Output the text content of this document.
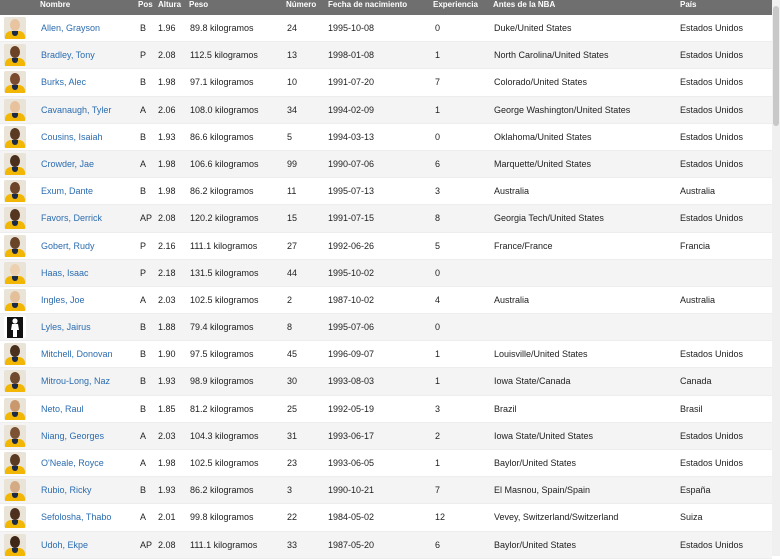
Nombre	Pos Altura Peso	Número Fecha de nacimiento	Experiencia Antes de la NBA	País
Allen, Grayson	B 1.96 89.8 kilogramos	24	1995-10-08	0	Duke/United States	Estados Unidos
Bradley, Tony	P 2.08 112.5 kilogramos	13	1998-01-08	1	North Carolina/United States	Estados Unidos
Burks, Alec	B 1.98 97.1 kilogramos	10	1991-07-20	7	Colorado/United States	Estados Unidos
Cavanaugh, Tyler	A 2.06 108.0 kilogramos	34	1994-02-09	1	George Washington/United States	Estados Unidos
Cousins, Isaiah	B 1.93 86.6 kilogramos	5	1994-03-13	0	Oklahoma/United States	Estados Unidos
Crowder, Jae	A 1.98 106.6 kilogramos	99	1990-07-06	6	Marquette/United States	Estados Unidos
Exum, Dante	B 1.98 86.2 kilogramos	11	1995-07-13	3	Australia	Australia
Favors, Derrick	AP 2.08 120.2 kilogramos	15	1991-07-15	8	Georgia Tech/United States	Estados Unidos
Gobert, Rudy	P 2.16 111.1 kilogramos	27	1992-06-26	5	France/France	Francia
Haas, Isaac	P 2.18 131.5 kilogramos	44	1995-10-02	0
Ingles, Joe	A 2.03 102.5 kilogramos	2	1987-10-02	4	Australia	Australia
Lyles, Jairus	B 1.88 79.4 kilogramos	8	1995-07-06	0
Mitchell, Donovan	B 1.90 97.5 kilogramos	45	1996-09-07	1	Louisville/United States	Estados Unidos
Mitrou-Long, Naz	B 1.93 98.9 kilogramos	30	1993-08-03	1	Iowa State/Canada	Canada
Neto, Raul	B 1.85 81.2 kilogramos	25	1992-05-19	3	Brazil	Brasil
Niang, Georges	A 2.03 104.3 kilogramos	31	1993-06-17	2	Iowa State/United States	Estados Unidos
O'Neale, Royce	A 1.98 102.5 kilogramos	23	1993-06-05	1	Baylor/United States	Estados Unidos
Rubio, Ricky	B 1.93 86.2 kilogramos	3	1990-10-21	7	El Masnou, Spain/Spain	España
Sefolosha, Thabo	A 2.01 99.8 kilogramos	22	1984-05-02	12	Vevey, Switzerland/Switzerland	Suiza
Udoh, Ekpe	AP 2.08 111.1 kilogramos	33	1987-05-20	6	Baylor/United States	Estados Unidos
